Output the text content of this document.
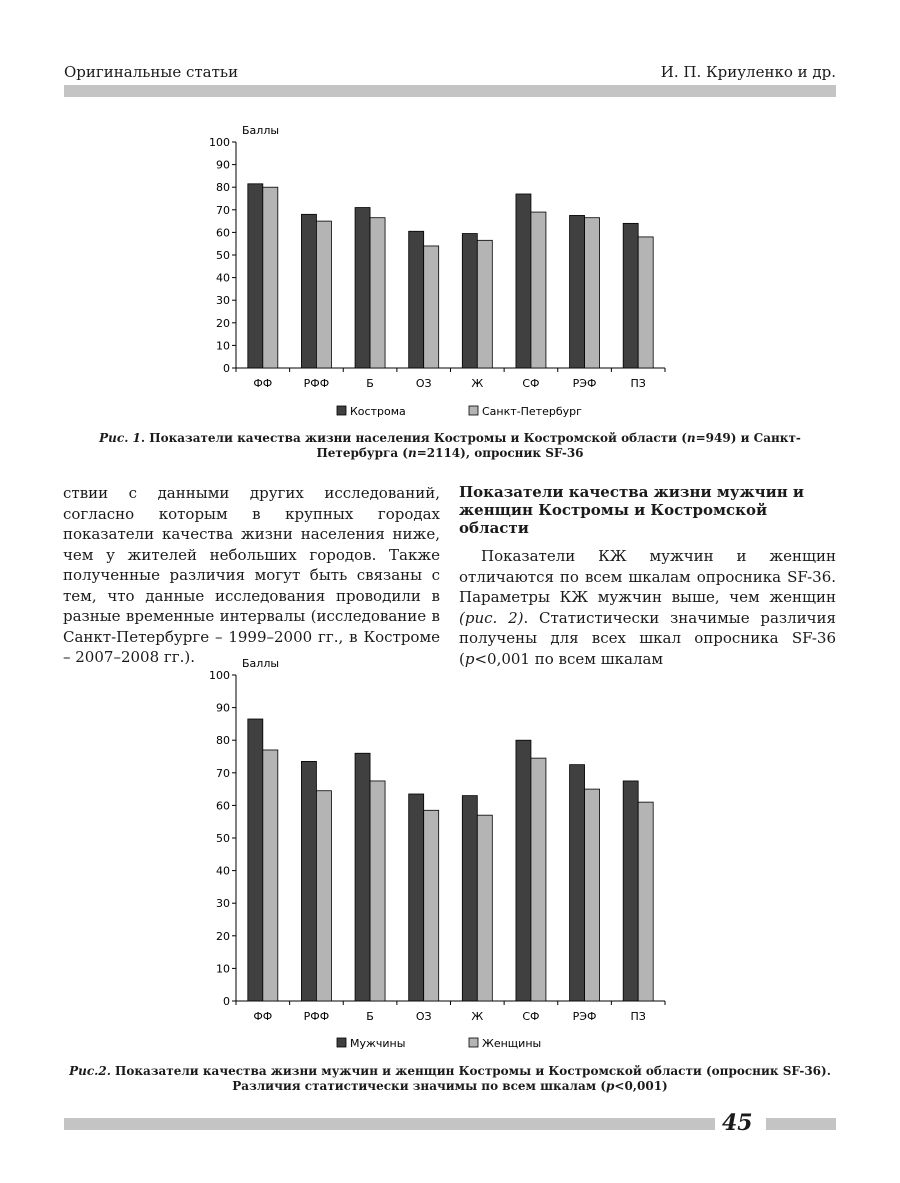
Оригинальные статьи	И. П. Криуленко и др.
Баллы
0
10
20
30
40
50
60
70
80
90
100
ФФ	РФФ	Б	ОЗ	Ж	СФ	РЭФ	ПЗ
Кострома	Санкт-Петербург
Рис. 1. Показатели качества жизни населения Костромы и Костромской области (n=949) и Санкт-Петербурга (n=2114), опросник SF-36
ствии с данными других исследований, согласно которым в крупных городах показатели качества жизни населения ниже, чем у жителей небольших городов. Также полученные различия могут быть связаны с тем, что данные исследования проводили в разные временные интервалы (исследование в Санкт-Петербурге – 1999–2000 гг., в Костроме – 2007–2008 гг.).
Показатели качества жизни мужчин и женщин Костромы и Костромской области

Показатели КЖ мужчин и женщин отличаются по всем шкалам опросника SF-36. Параметры КЖ мужчин выше, чем женщин (рис. 2). Статистически значимые различия получены для всех шкал опросника SF-36 (p<0,001 по всем шкалам

Баллы
0
10
20
30
40
50
60
70
80
90
100
ФФ	РФФ	Б	ОЗ	Ж	СФ	РЭФ	ПЗ
Мужчины	Женщины
Рис.2. Показатели качества жизни мужчин и женщин Костромы и Костромской области (опросник SF-36). Различия статистически значимы по всем шкалам (p<0,001)
45
